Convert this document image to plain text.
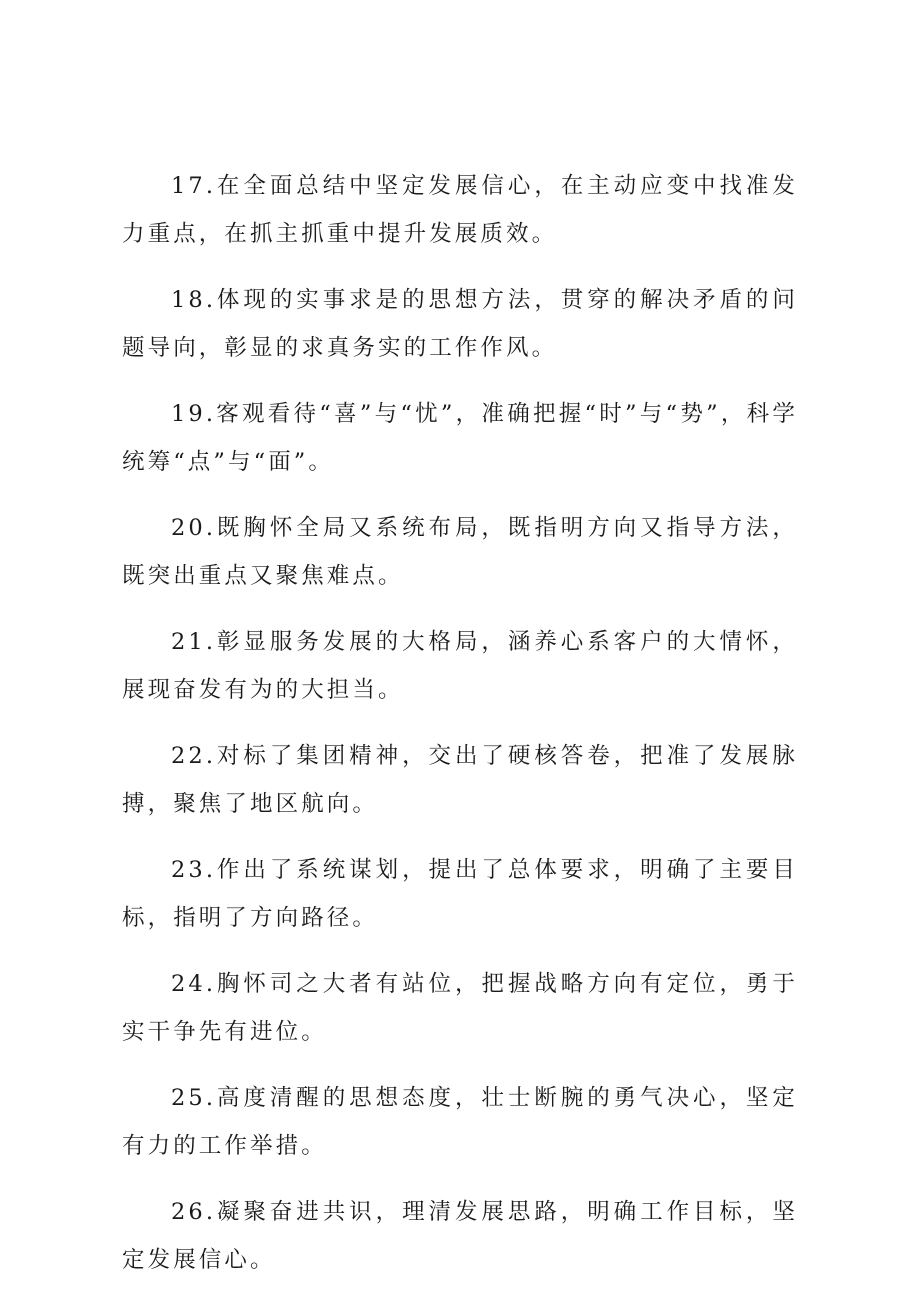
17.在全面总结中坚定发展信心，在主动应变中找准发力重点，在抓主抓重中提升发展质效。

18.体现的实事求是的思想方法，贯穿的解决矛盾的问题导向，彰显的求真务实的工作作风。

19.客观看待“喜”与“忧”，准确把握“时”与“势”，科学统筹“点”与“面”。

20.既胸怀全局又系统布局，既指明方向又指导方法，既突出重点又聚焦难点。

21.彰显服务发展的大格局，涵养心系客户的大情怀，展现奋发有为的大担当。

22.对标了集团精神，交出了硬核答卷，把准了发展脉搏，聚焦了地区航向。

23.作出了系统谋划，提出了总体要求，明确了主要目标，指明了方向路径。

24.胸怀司之大者有站位，把握战略方向有定位，勇于实干争先有进位。

25.高度清醒的思想态度，壮士断腕的勇气决心，坚定有力的工作举措。

26.凝聚奋进共识，理清发展思路，明确工作目标，坚定发展信心。
